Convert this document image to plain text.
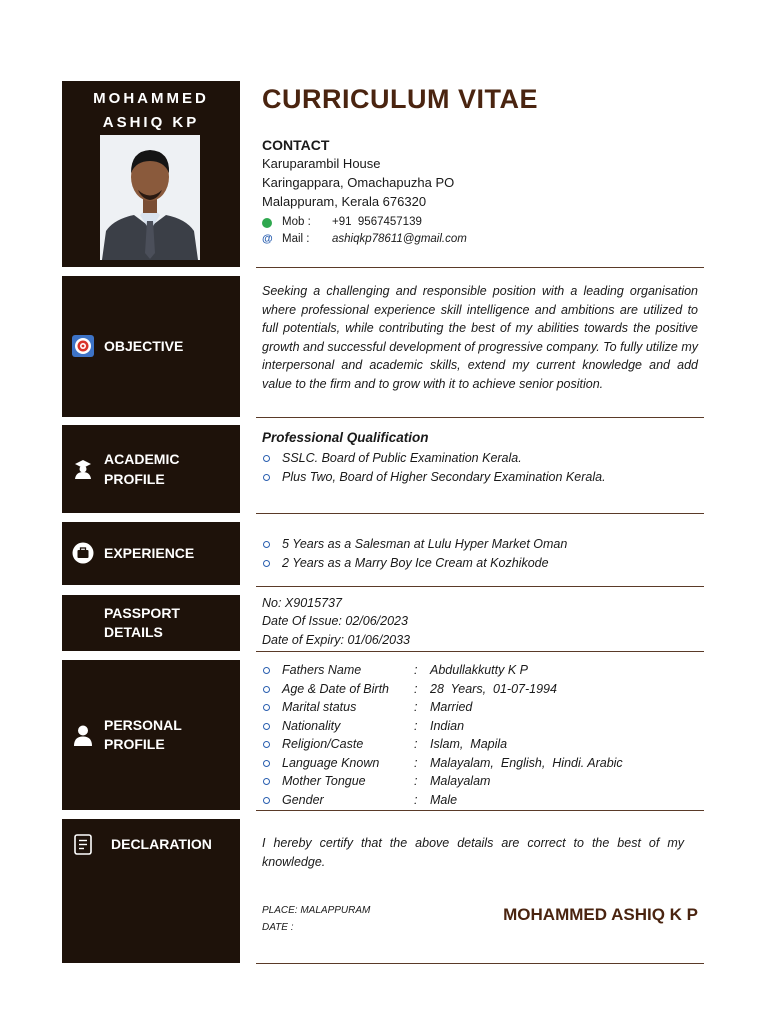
MOHAMMED
ASHIQ KP
CURRICULUM VITAE
CONTACT
Karuparambil House
Karingappara, Omachapuzha PO
Malappuram, Kerala 676320
Mob : +91  9567457139
@ Mail : ashiqkp78611@gmail.com
OBJECTIVE
Seeking a challenging and responsible position with a leading organisation where professional experience skill intelligence and ambitions are utilized to full potentials, while contributing the best of my abilities towards the positive growth and successful development of progressive company. To fully utilize my interpersonal and academic skills, extend my current knowledge and add value to the firm and to grow with it to achieve senior position.
ACADEMIC
PROFILE
Professional Qualification
SSLC. Board of Public Examination Kerala.
Plus Two, Board of Higher Secondary Examination Kerala.
EXPERIENCE
5 Years as a Salesman at Lulu Hyper Market Oman
2 Years as a Marry Boy Ice Cream at Kozhikode
PASSPORT
DETAILS
No: X9015737
Date Of Issue: 02/06/2023
Date of Expiry: 01/06/2033
PERSONAL
PROFILE
Fathers Name	: Abdullakkutty K P
Age & Date of Birth : 28  Years,  01-07-1994
Marital status	: Married
Nationality	: Indian
Religion/Caste	: Islam,  Mapila
Language Known	: Malayalam,  English,  Hindi. Arabic
Mother Tongue	: Malayalam
Gender	: Male
DECLARATION	I hereby certify that the above details are correct to the best of my knowledge.
PLACE: MALAPPURAM
DATE :
MOHAMMED ASHIQ K P
